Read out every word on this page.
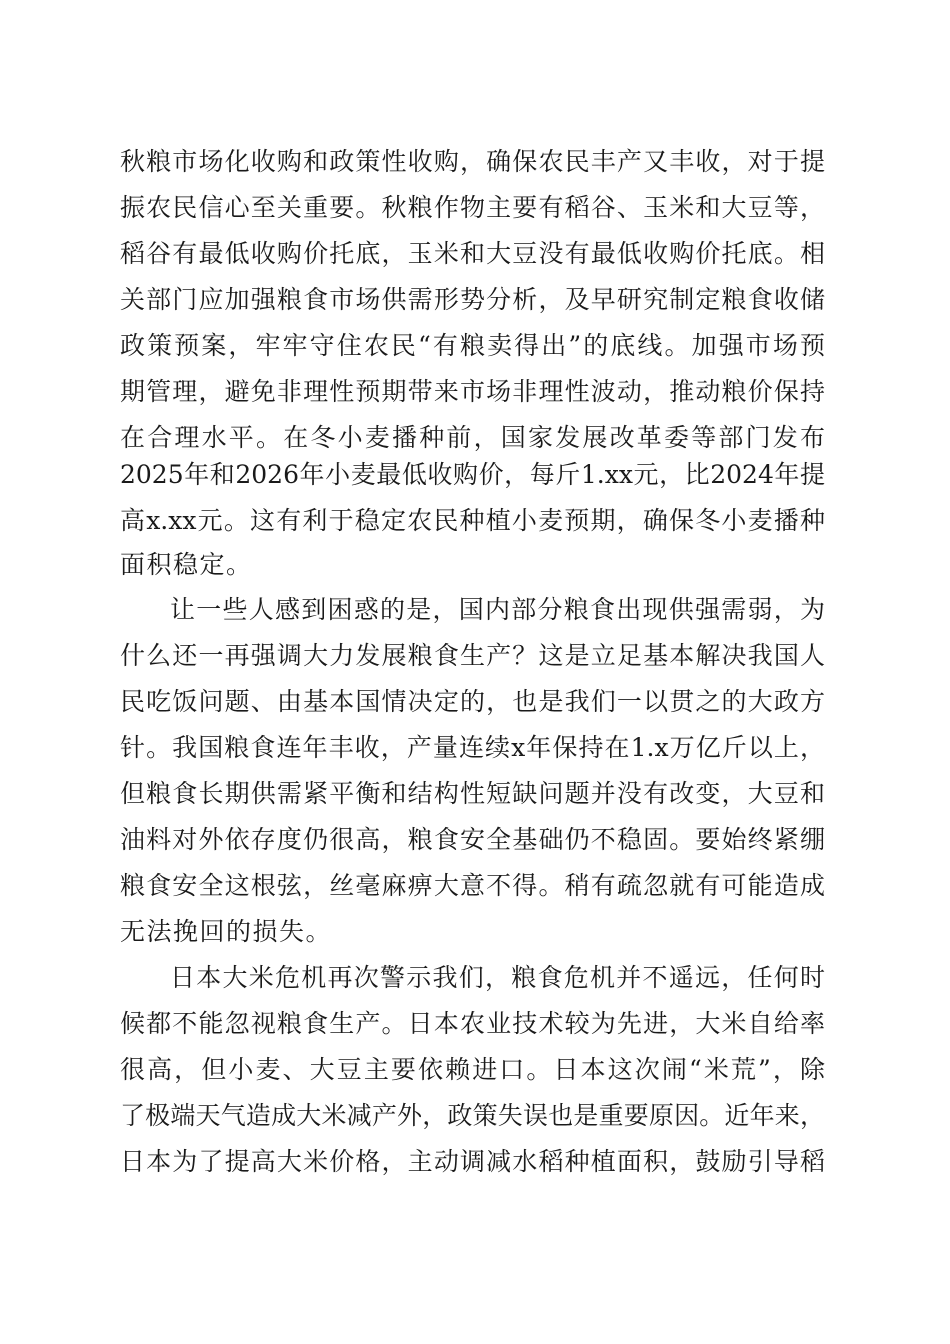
秋粮市场化收购和政策性收购，确保农民丰产又丰收，对于提
振农民信心至关重要。秋粮作物主要有稻谷、玉米和大豆等，
稻谷有最低收购价托底，玉米和大豆没有最低收购价托底。相
关部门应加强粮食市场供需形势分析，及早研究制定粮食收储
政策预案，牢牢守住农民“有粮卖得出”的底线。加强市场预
期管理，避免非理性预期带来市场非理性波动，推动粮价保持
在合理水平。在冬小麦播种前，国家发展改革委等部门发布
2025年和2026年小麦最低收购价，每斤1.xx元，比2024年提
高x.xx元。这有利于稳定农民种植小麦预期，确保冬小麦播种
面积稳定。
让一些人感到困惑的是，国内部分粮食出现供强需弱，为
什么还一再强调大力发展粮食生产？这是立足基本解决我国人
民吃饭问题、由基本国情决定的，也是我们一以贯之的大政方
针。我国粮食连年丰收，产量连续x年保持在1.x万亿斤以上，
但粮食长期供需紧平衡和结构性短缺问题并没有改变，大豆和
油料对外依存度仍很高，粮食安全基础仍不稳固。要始终紧绷
粮食安全这根弦，丝毫麻痹大意不得。稍有疏忽就有可能造成
无法挽回的损失。
日本大米危机再次警示我们，粮食危机并不遥远，任何时
候都不能忽视粮食生产。日本农业技术较为先进，大米自给率
很高，但小麦、大豆主要依赖进口。日本这次闹“米荒”，除
了极端天气造成大米减产外，政策失误也是重要原因。近年来，
日本为了提高大米价格，主动调减水稻种植面积，鼓励引导稻
